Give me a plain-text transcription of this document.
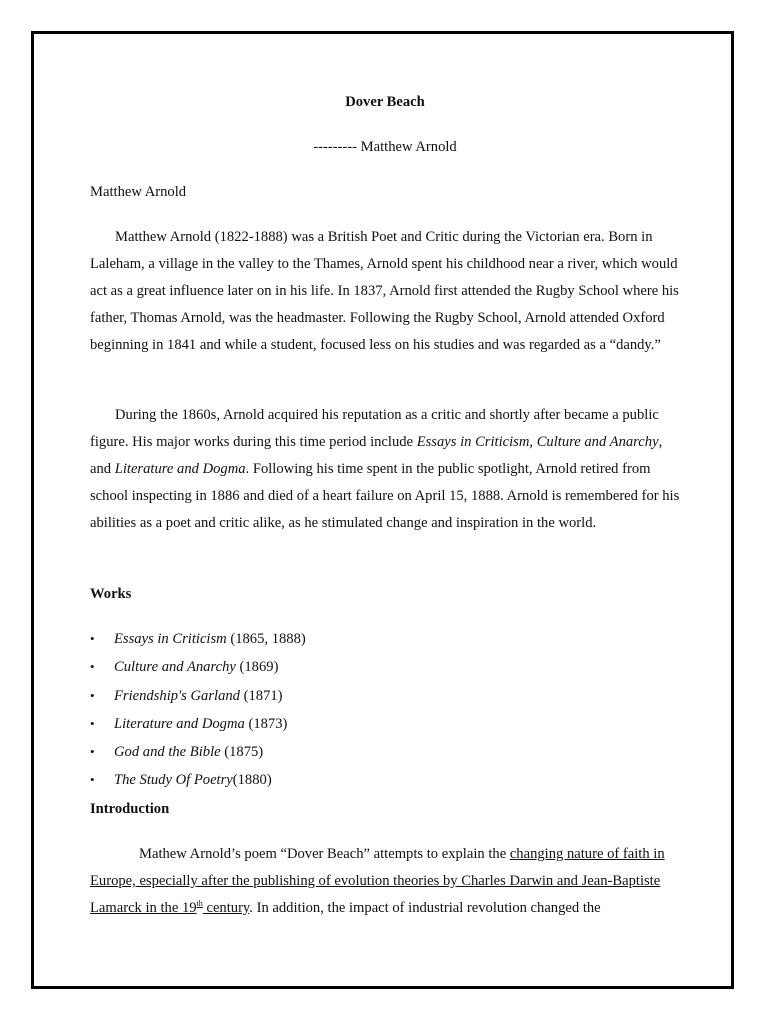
Dover Beach
--------- Matthew Arnold
Matthew Arnold

Matthew Arnold (1822-1888) was a British Poet and Critic during the Victorian era. Born in Laleham, a village in the valley to the Thames, Arnold spent his childhood near a river, which would act as a great influence later on in his life. In 1837, Arnold first attended the Rugby School where his father, Thomas Arnold, was the headmaster. Following the Rugby School, Arnold attended Oxford beginning in 1841 and while a student, focused less on his studies and was regarded as a “dandy.”

During the 1860s, Arnold acquired his reputation as a critic and shortly after became a public figure. His major works during this time period include Essays in Criticism, Culture and Anarchy, and Literature and Dogma. Following his time spent in the public spotlight, Arnold retired from school inspecting in 1886 and died of a heart failure on April 15, 1888. Arnold is remembered for his abilities as a poet and critic alike, as he stimulated change and inspiration in the world.

Works
• Essays in Criticism (1865, 1888)
• Culture and Anarchy (1869)
• Friendship's Garland (1871)
• Literature and Dogma (1873)
• God and the Bible (1875)
• The Study Of Poetry(1880)
Introduction

Mathew Arnold’s poem “Dover Beach” attempts to explain the changing nature of faith in Europe, especially after the publishing of evolution theories by Charles Darwin and Jean-Baptiste Lamarck in the 19th century. In addition, the impact of industrial revolution changed the
